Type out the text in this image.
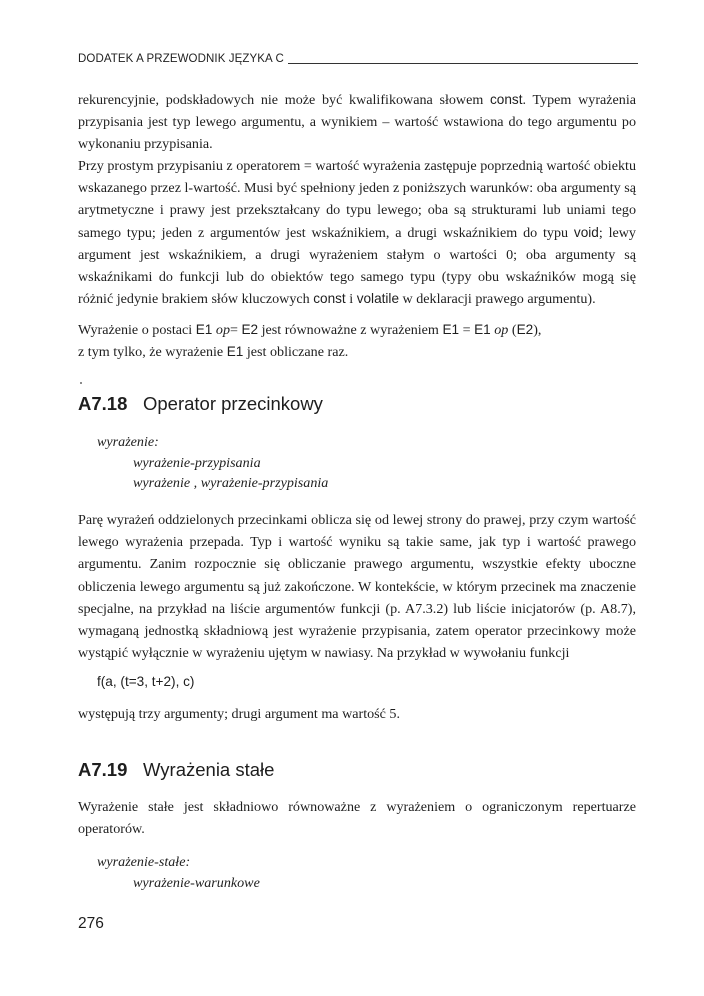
DODATEK A PRZEWODNIK JĘZYKA C

rekurencyjnie, podskładowych nie może być kwalifikowana słowem const. Typem wyrażenia przypisania jest typ lewego argumentu, a wynikiem – wartość wstawiona do tego argumentu po wykonaniu przypisania.

Przy prostym przypisaniu z operatorem = wartość wyrażenia zastępuje poprzednią wartość obiektu wskazanego przez l-wartość. Musi być spełniony jeden z poniższych warunków: oba argumenty są arytmetyczne i prawy jest przekształcany do typu lewego; oba są strukturami lub uniami tego samego typu; jeden z argumentów jest wskaźnikiem, a drugi wskaźnikiem do typu void; lewy argument jest wskaźnikiem, a drugi wyrażeniem stałym o wartości 0; oba argumenty są wskaźnikami do funkcji lub do obiektów tego samego typu (typy obu wskaźników mogą się różnić jedynie brakiem słów kluczowych const i volatile w deklaracji prawego argumentu).

Wyrażenie o postaci E1 op= E2 jest równoważne z wyrażeniem E1 = E1 op (E2),
z tym tylko, że wyrażenie E1 jest obliczane raz.

A7.18 Operator przecinkowy
wyrażenie:
wyrażenie-przypisania
wyrażenie , wyrażenie-przypisania

Parę wyrażeń oddzielonych przecinkami oblicza się od lewej strony do prawej, przy czym wartość lewego wyrażenia przepada. Typ i wartość wyniku są takie same, jak typ i wartość prawego argumentu. Zanim rozpocznie się obliczanie prawego argumentu, wszystkie efekty uboczne obliczenia lewego argumentu są już zakończone. W kontekście, w którym przecinek ma znaczenie specjalne, na przykład na liście argumentów funkcji (p. A7.3.2) lub liście inicjatorów (p. A8.7), wymaganą jednostką składniową jest wyrażenie przypisania, zatem operator przecinkowy może wystąpić wyłącznie w wyrażeniu ujętym w nawiasy. Na przykład w wywołaniu funkcji

f(a, (t=3, t+2), c)

występują trzy argumenty; drugi argument ma wartość 5.

A7.19 Wyrażenia stałe

Wyrażenie stałe jest składniowo równoważne z wyrażeniem o ograniczonym repertuarze operatorów.

wyrażenie-stałe:
wyrażenie-warunkowe
276
